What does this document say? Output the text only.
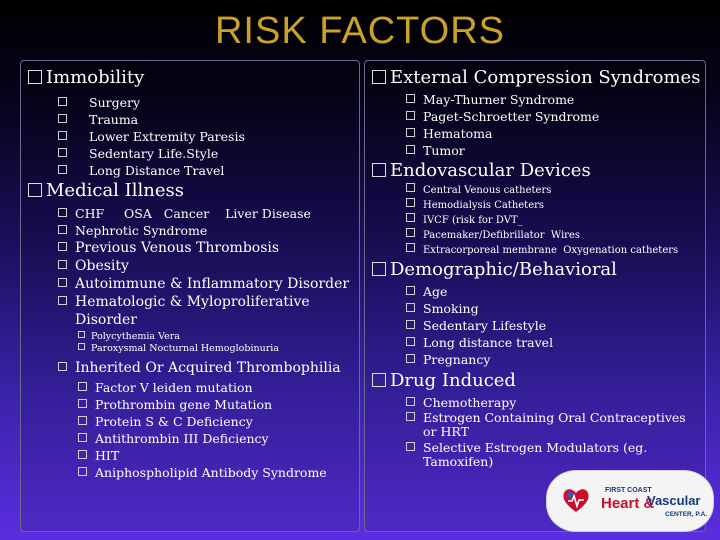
RISK FACTORS
Immobility
Surgery
Trauma
Lower Extremity Paresis
Sedentary Life.Style
Long Distance Travel
Medical Illness
CHF     OSA   Cancer    Liver Disease
Nephrotic Syndrome
Previous Venous Thrombosis
Obesity
Autoimmune & Inflammatory Disorder
Hematologic & Myloproliferative Disorder
Polycythemia Vera
Paroxysmal Nocturnal Hemoglobinuria
Inherited Or Acquired Thrombophilia
Factor V leiden mutation
Prothrombin gene Mutation
Protein S & C Deficiency
Antithrombin III Deficiency
HIT
Aniphospholipid Antibody Syndrome
External Compression Syndromes
May-Thurner Syndrome
Paget-Schroetter Syndrome
Hematoma
Tumor
Endovascular Devices
Central Venous catheters
Hemodialysis Catheters
IVCF (risk for DVT_
Pacemaker/Defibrillator  Wires
Extracorporeal membrane  Oxygenation catheters
Demographic/Behavioral
Age
Smoking
Sedentary Lifestyle
Long distance travel
Pregnancy
Drug Induced
Chemotherapy
Estrogen Containing Oral Contraceptives or HRT
Selective Estrogen Modulators (eg. Tamoxifen)
FIRST COAST
Heart &
Vascular
CENTER, P.A.
